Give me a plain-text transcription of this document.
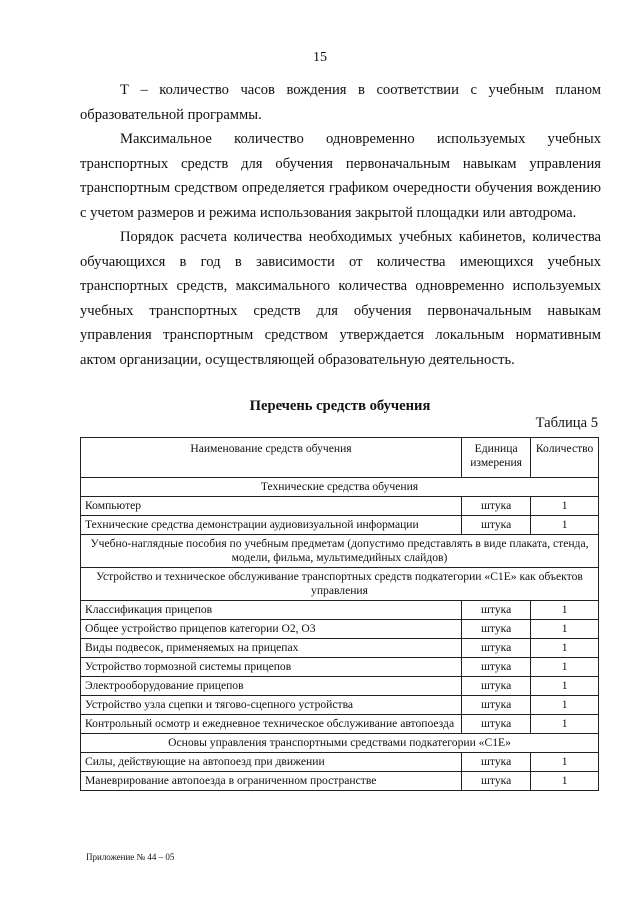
15

Т – количество часов вождения в соответствии с учебным планом образовательной программы.

Максимальное количество одновременно используемых учебных транспортных средств для обучения первоначальным навыкам управления транспортным средством определяется графиком очередности обучения вождению с учетом размеров и режима использования закрытой площадки или автодрома.

Порядок расчета количества необходимых учебных кабинетов, количества обучающихся в год в зависимости от количества имеющихся учебных транспортных средств, максимального количества одновременно используемых учебных транспортных средств для обучения первоначальным навыкам управления транспортным средством утверждается локальным нормативным актом организации, осуществляющей образовательную деятельность.

Перечень средств обучения
Таблица 5
Наименование средств обучения	Единица измерения	Количество
Технические средства обучения		
Компьютер	штука	1
Технические средства демонстрации аудиовизуальной информации	штука	1
Учебно-наглядные пособия по учебным предметам (допустимо представлять в виде плаката, стенда, модели, фильма, мультимедийных слайдов)		
Устройство и техническое обслуживание транспортных средств подкатегории «С1Е» как объектов управления		
Классификация прицепов	штука	1
Общее устройство прицепов категории О2, О3	штука	1
Виды подвесок, применяемых на прицепах	штука	1
Устройство тормозной системы прицепов	штука	1
Электрооборудование прицепов	штука	1
Устройство узла сцепки и тягово-сцепного устройства	штука	1
Контрольный осмотр и ежедневное техническое обслуживание автопоезда	штука	1
Основы управления транспортными средствами подкатегории «С1Е»		
Силы, действующие на автопоезд при движении	штука	1
Маневрирование автопоезда в ограниченном пространстве	штука	1
Приложение № 44 – 05
